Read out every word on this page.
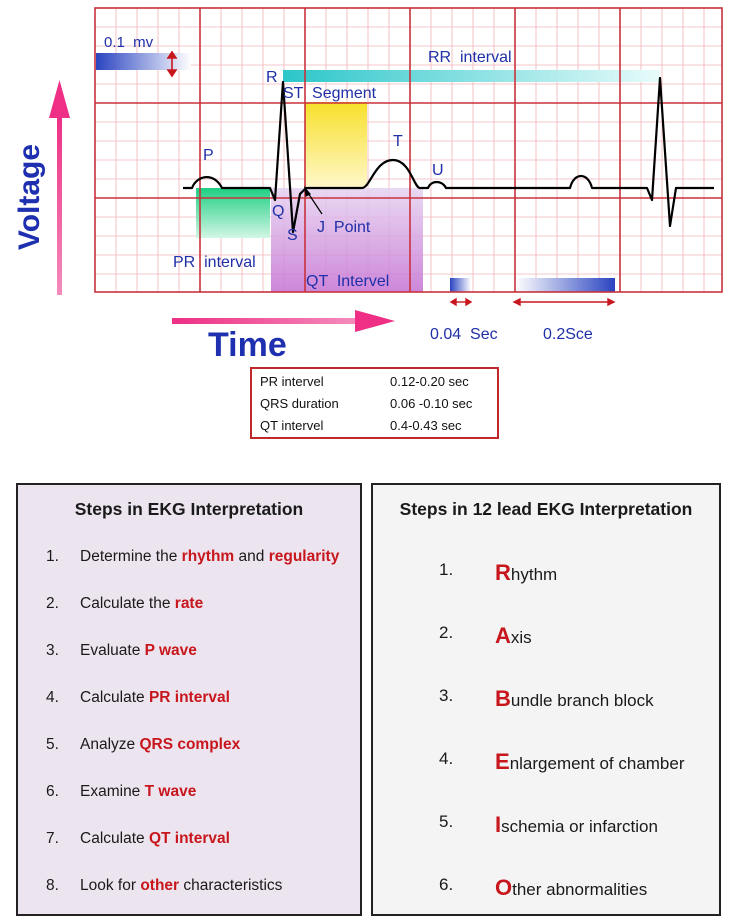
Voltage
Time
0.1  mv
RR  interval
R
ST  Segment
P
T
U
Q
S J  Point
PR  interval
QT  Intervel
0.04  Sec	0.2Sce
PR intervel	0.12-0.20 sec
QRS duration	0.06 -0.10 sec
QT intervel	0.4-0.43 sec
Steps in EKG Interpretation
1. Determine the rhythm and regularity
2. Calculate the rate
3. Evaluate P wave
4. Calculate PR interval
5. Analyze QRS complex
6. Examine T wave
7. Calculate QT interval
8. Look for other characteristics
Steps in 12 lead EKG Interpretation
1. Rhythm
2. Axis
3. Bundle branch block
4. Enlargement of chamber
5. Ischemia or infarction
6. Other abnormalities
